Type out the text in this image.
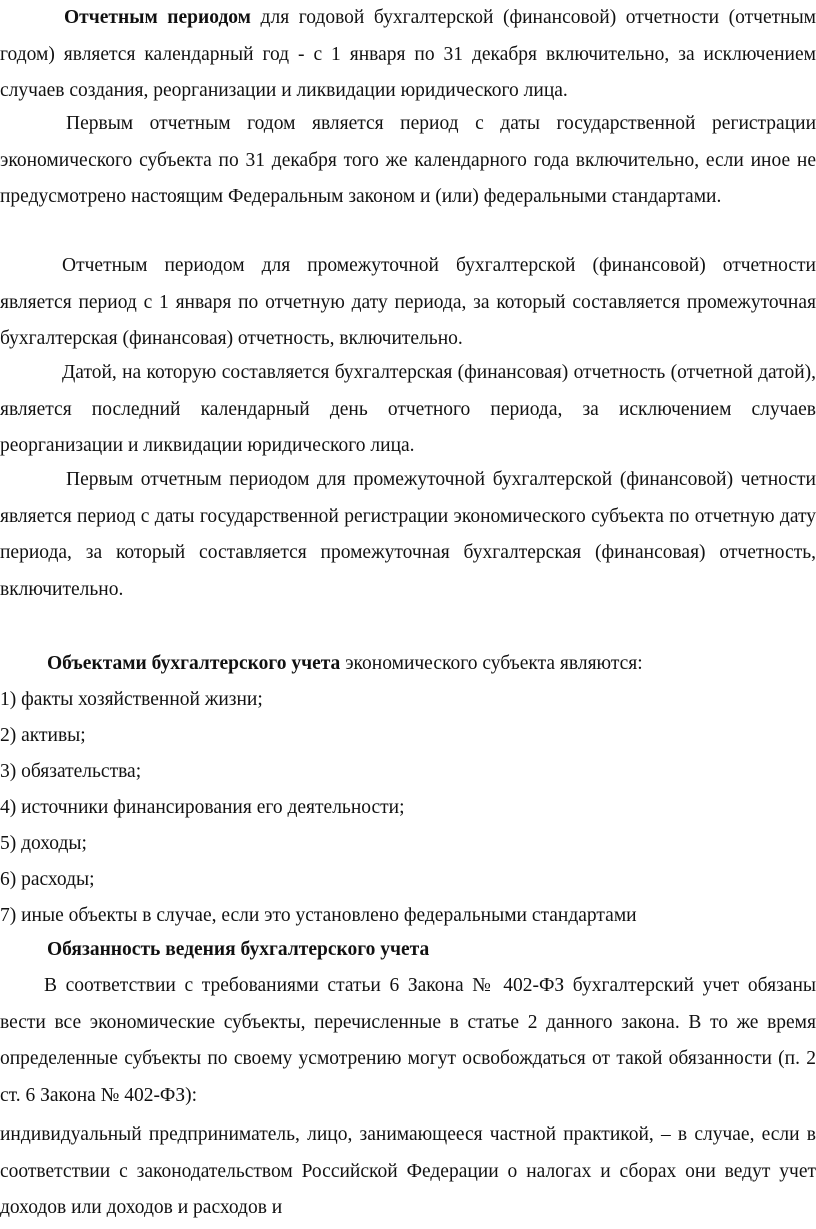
Отчетным периодом для годовой бухгалтерской (финансовой) отчетности (отчетным годом) является календарный год - с 1 января по 31 декабря включительно, за исключением случаев создания, реорганизации и ликвидации юридического лица.

Первым отчетным годом является период с даты государственной регистрации экономического субъекта по 31 декабря того же календарного года включительно, если иное не предусмотрено настоящим Федеральным законом и (или) федеральными стандартами.

Отчетным периодом для промежуточной бухгалтерской (финансовой) отчетности является период с 1 января по отчетную дату периода, за который составляется промежуточная бухгалтерская (финансовая) отчетность, включительно.

Датой, на которую составляется бухгалтерская (финансовая) отчетность (отчетной датой), является последний календарный день отчетного периода, за исключением случаев реорганизации и ликвидации юридического лица.

Первым отчетным периодом для промежуточной бухгалтерской (финансовой) четности является период с даты государственной регистрации экономического субъекта по отчетную дату периода, за который составляется промежуточная бухгалтерская (финансовая) отчетность, включительно.

Объектами бухгалтерского учета экономического субъекта являются:

1) факты хозяйственной жизни;

2) активы;

3) обязательства;

4) источники финансирования его деятельности;

5) доходы;

6) расходы;

7) иные объекты в случае, если это установлено федеральными стандартами

Обязанность ведения бухгалтерского учета

В соответствии с требованиями статьи 6 Закона № 402-ФЗ бухгалтерский учет обязаны вести все экономические субъекты, перечисленные в статье 2 данного закона. В то же время определенные субъекты по своему усмотрению могут освобождаться от такой обязанности (п. 2 ст. 6 Закона № 402-ФЗ):

индивидуальный предприниматель, лицо, занимающееся частной практикой, – в случае, если в соответствии с законодательством Российской Федерации о налогах и сборах они ведут учет доходов или доходов и расходов и
